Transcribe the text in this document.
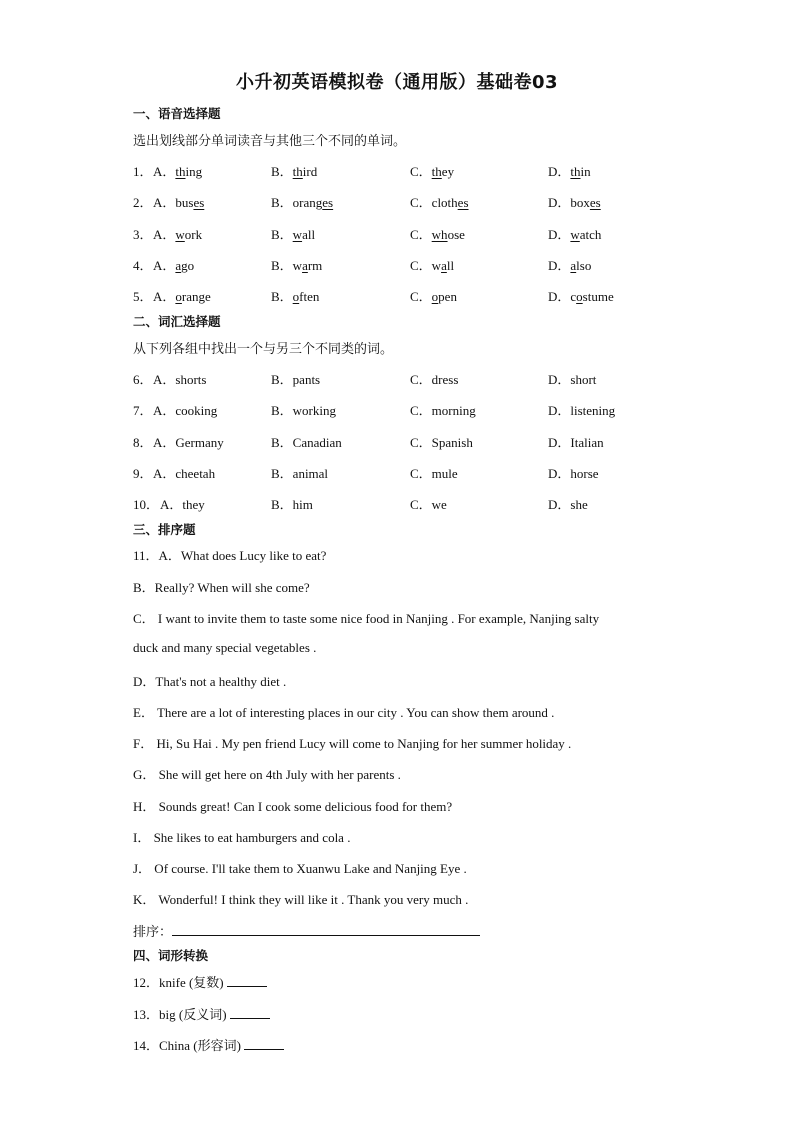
小升初英语模拟卷（通用版）基础卷03
一、语音选择题
选出划线部分单词读音与其他三个不同的单词。
1． A．thing	B．third	C．they	D．thin
2． A．buses	B．oranges	C．clothes	D．boxes
3． A．work	B．wall	C．whose	D．watch
4． A．ago	B．warm	C．wall	D．also
5． A．orange	B．often	C．open	D．costume
二、词汇选择题
从下列各组中找出一个与另三个不同类的词。
6． A．shorts	B．pants	C．dress	D．short
7． A．cooking	B．working	C．morning	D．listening
8． A．Germany	B．Canadian	C．Spanish	D．Italian
9． A．cheetah	B．animal	C．mule	D．horse
10． A．they	B．him	C．we	D．she
三、排序题
11．A．What does Lucy like to eat?
B．Really? When will she come?
C． I want to invite them to taste some nice food in Nanjing . For example, Nanjing salty
duck and many special vegetables .
D．That's not a healthy diet .
E． There are a lot of interesting places in our city . You can show them around .
F． Hi, Su Hai . My pen friend Lucy will come to Nanjing for her summer holiday .
G． She will get here on 4th July with her parents .
H． Sounds great! Can I cook some delicious food for them?
I． She likes to eat hamburgers and cola .
J． Of course. I'll take them to Xuanwu Lake and Nanjing Eye .
K． Wonderful! I think they will like it . Thank you very much .
排序：
四、词形转换
12．knife (复数)
13．big (反义词)
14．China (形容词)
